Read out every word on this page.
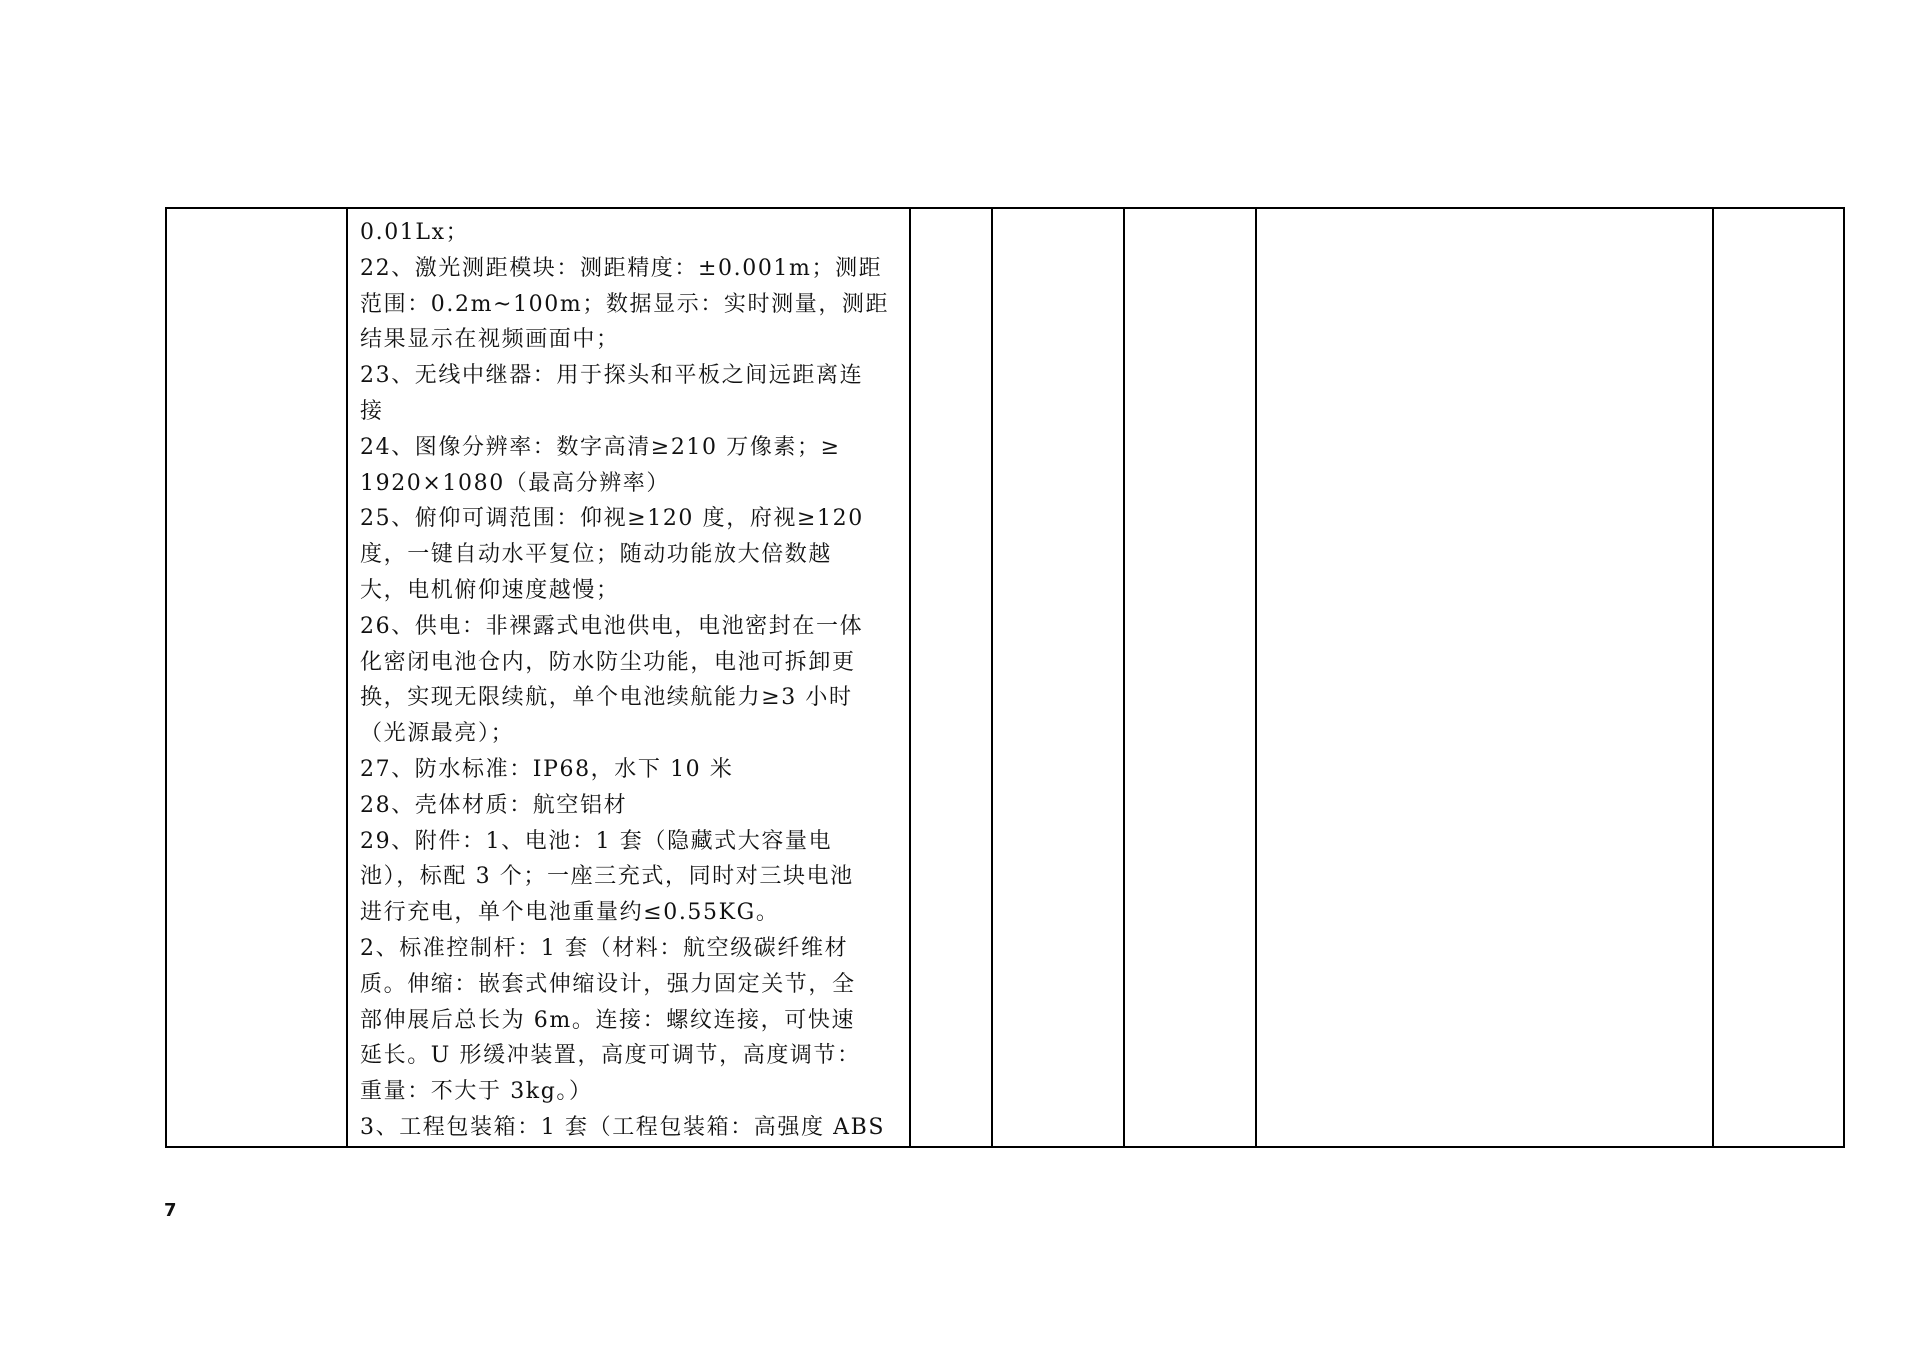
0.01Lx；
22、激光测距模块：测距精度：±0.001m；测距
范围：0.2m~100m；数据显示：实时测量，测距
结果显示在视频画面中；
23、无线中继器：用于探头和平板之间远距离连
接
24、图像分辨率：数字高清≥210 万像素；≥
1920×1080（最高分辨率）
25、俯仰可调范围：仰视≥120 度，府视≥120
度，一键自动水平复位；随动功能放大倍数越
大，电机俯仰速度越慢；
26、供电：非裸露式电池供电，电池密封在一体
化密闭电池仓内，防水防尘功能，电池可拆卸更
换，实现无限续航，单个电池续航能力≥3 小时
（光源最亮）；
27、防水标准：IP68，水下 10 米
28、壳体材质：航空铝材
29、附件：1、电池：1 套（隐藏式大容量电
池），标配 3 个；一座三充式，同时对三块电池
进行充电，单个电池重量约≤0.55KG。
2、标准控制杆：1 套（材料：航空级碳纤维材
质。伸缩：嵌套式伸缩设计，强力固定关节，全
部伸展后总长为 6m。连接：螺纹连接，可快速
延长。U 形缓冲装置，高度可调节，高度调节：
重量：不大于 3kg。）
3、工程包装箱：1 套（工程包装箱：高强度 ABS

7
